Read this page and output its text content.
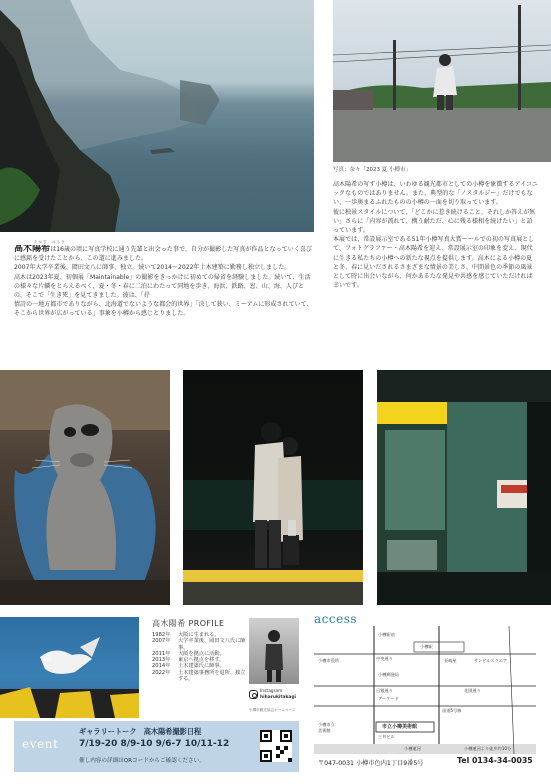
写真：奈々「2023 夏 小樽市」
たかぎ　はるき

高木陽希は16歳の頃に写真学校に通う先輩と出会った事で、自分が撮影した写真が作品となっていく喜びに感銘を受けたことから、この道に進みました。

2007年大学卒業後、岡田文八に師事、独立。続いて2014〜2022年土木建築に勤務し独立しました。

高木は2023年夏、初個展「Maintainable」の撮影をきっかけに初めての帰省を経験しました。続いて、生活の様々な片鱗をとらえるべく、夏・冬・春に二泊にわたって同地を歩き、海浜、鉄路、窓、山、海、人びとの、そこで「生き死」を見てきました。彼は、「抒

情詩の一地方都市でありながら、北海道でないような都会的世界」「決して狭い、ミーアムに形成されていて、そこから世界が広がっている」事象を小樽から感じとりました。

高木陽希の写す小樽は、いわゆる観光都市としての小樽を象徴するアイコニックなものではありません。また、典型的な「ノスタルジー」だけでもない、一歩奥まるふれたものの小樽の一面を切り取っています。

彼に独景スタイルについて、「どこかに惹き続けること、それしか答えが無い」さらに「内容が流れて、構う耐ただ、心に残る様相を続けたい」と語っています。

本展では、常設展示室である51年小樽写真大賞ーールでの初の写真展として、フォトグラファー・高木陽希を迎え、常設展示室の印象を変え、現代に生きる私たちの小樽への新たな視点を提供します。高木による小樽の夏と冬、春に見いだされるさまざまな情景の美しさ、中間景色の季節の風景として時に出会いながら、何かあるたな発見や共感を感じていただければ幸いです。

高木陽希 PROFILE
1982年	大阪に生まれる。
2007年	大学卒業後、岡田文八氏に師事。
2011年	大阪を拠点に活動。
2013年	東京へ拠点を移す。
2014年	土木建築氏に師事。
2022年	土木建築事務所を退所、独立する。
Instagram
hiharukitakagi
小樽市観光協会ホームページ
event
ギャラリートーク　高木陽希撮影日程
7/19-20 8/9-10 9/6-7 10/11-12
催し内容の詳細はQRコードからご確認ください。
access
小樽駅前
小樽駅
中央通り
日銀通り
国道5号線
花園通り
小樽市役所	長崎屋	サンビルスクエア
小樽郵便局
アーケード
三井ビル
市立小樽美術館
小樽運河
小樽市立
美術館
小樽運河より徒歩約10分
〒047-0031 小樽市色内1丁目9番5号	Tel 0134-34-0035
